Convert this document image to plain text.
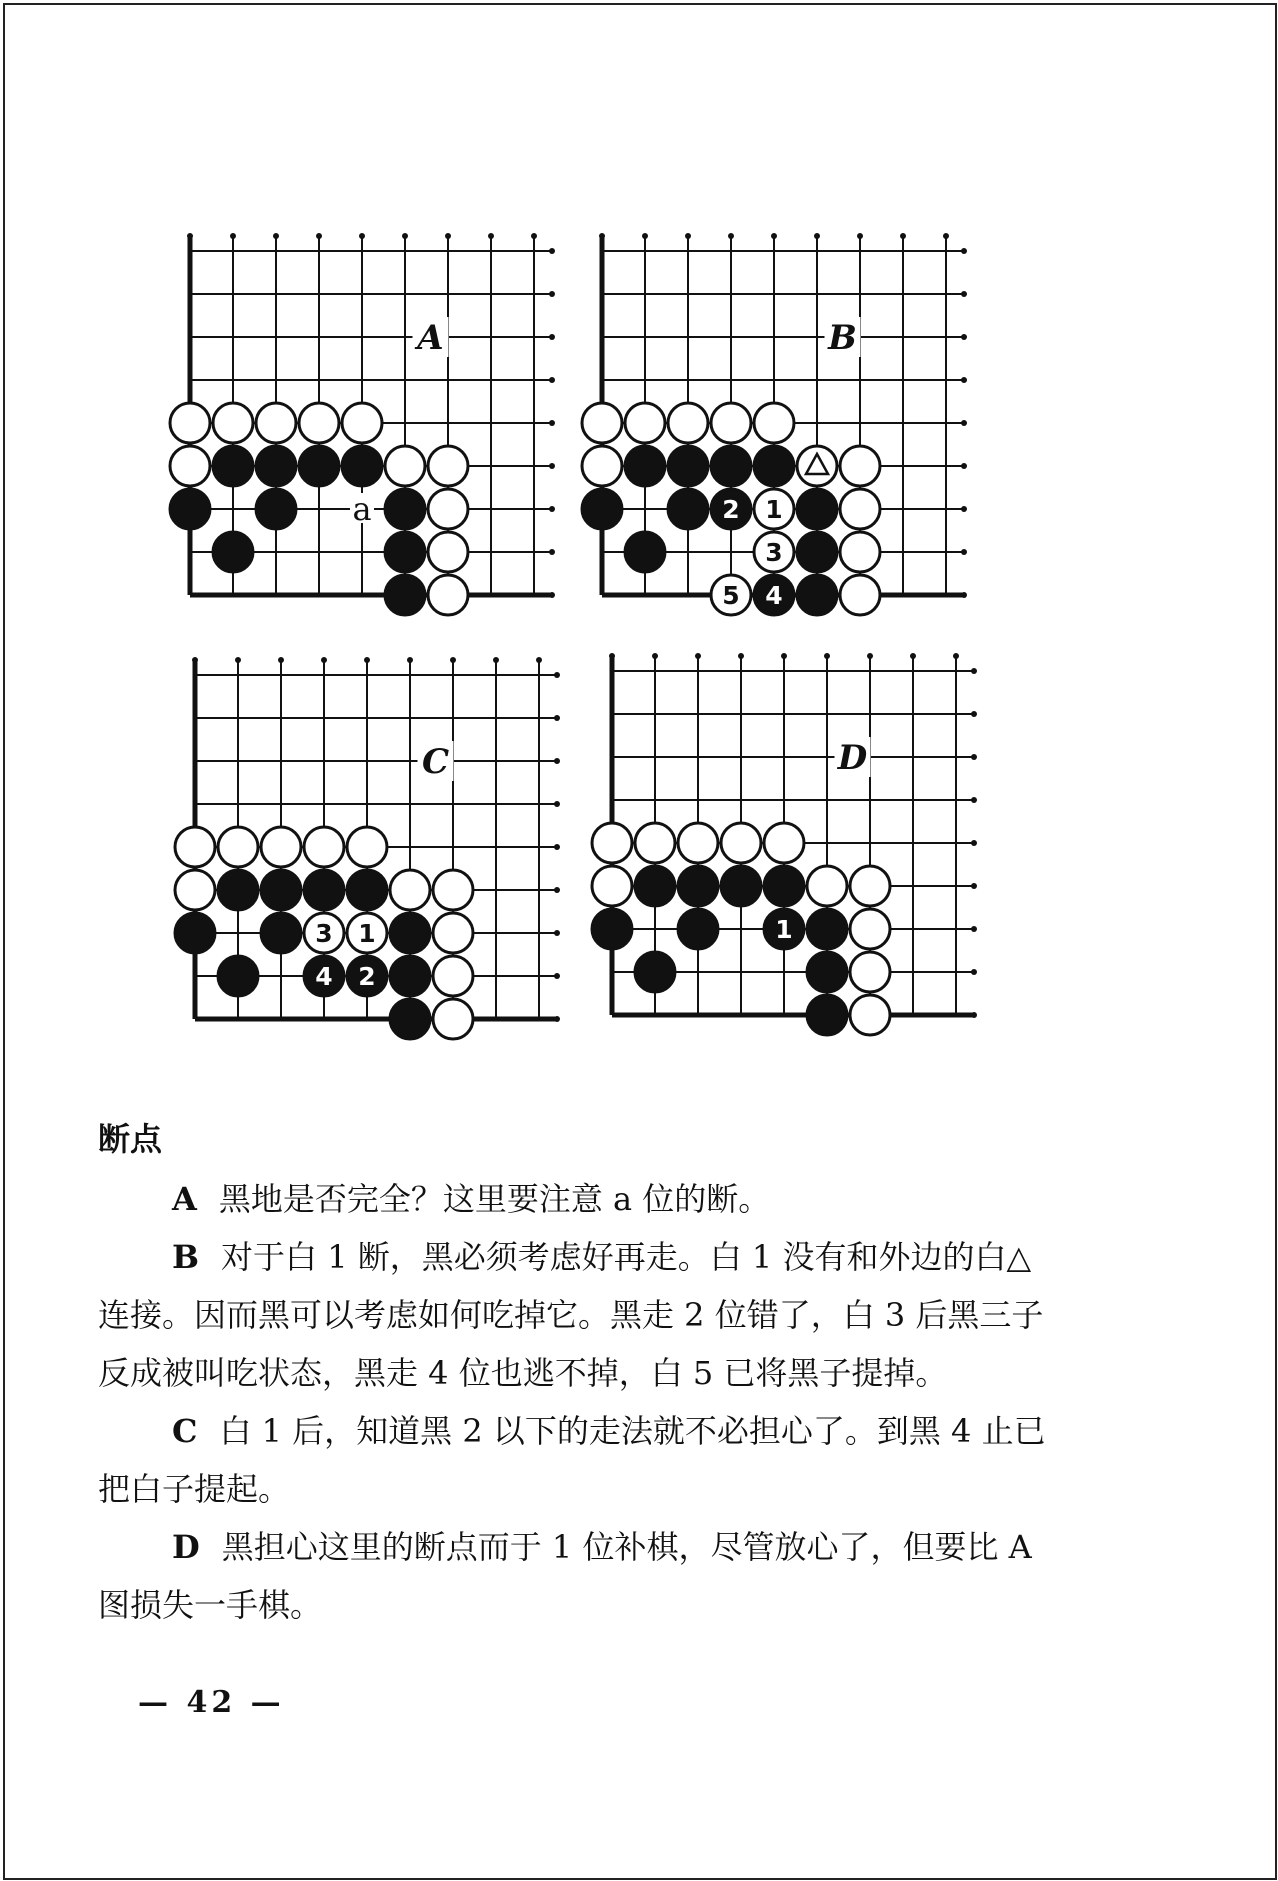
A
a
B
2 1
3
5 4
C
3 1
4 2
D
1

断点

A 黑地是否完全？这里要注意 a 位的断。

B 对于白 1 断，黑必须考虑好再走。白 1 没有和外边的白△连接。因而黑可以考虑如何吃掉它。黑走 2 位错了，白 3 后黑三子反成被叫吃状态，黑走 4 位也逃不掉，白 5 已将黑子提掉。

C 白 1 后，知道黑 2 以下的走法就不必担心了。到黑 4 止已把白子提起。

D 黑担心这里的断点而于 1 位补棋，尽管放心了，但要比 A 图损失一手棋。

— 42 —
